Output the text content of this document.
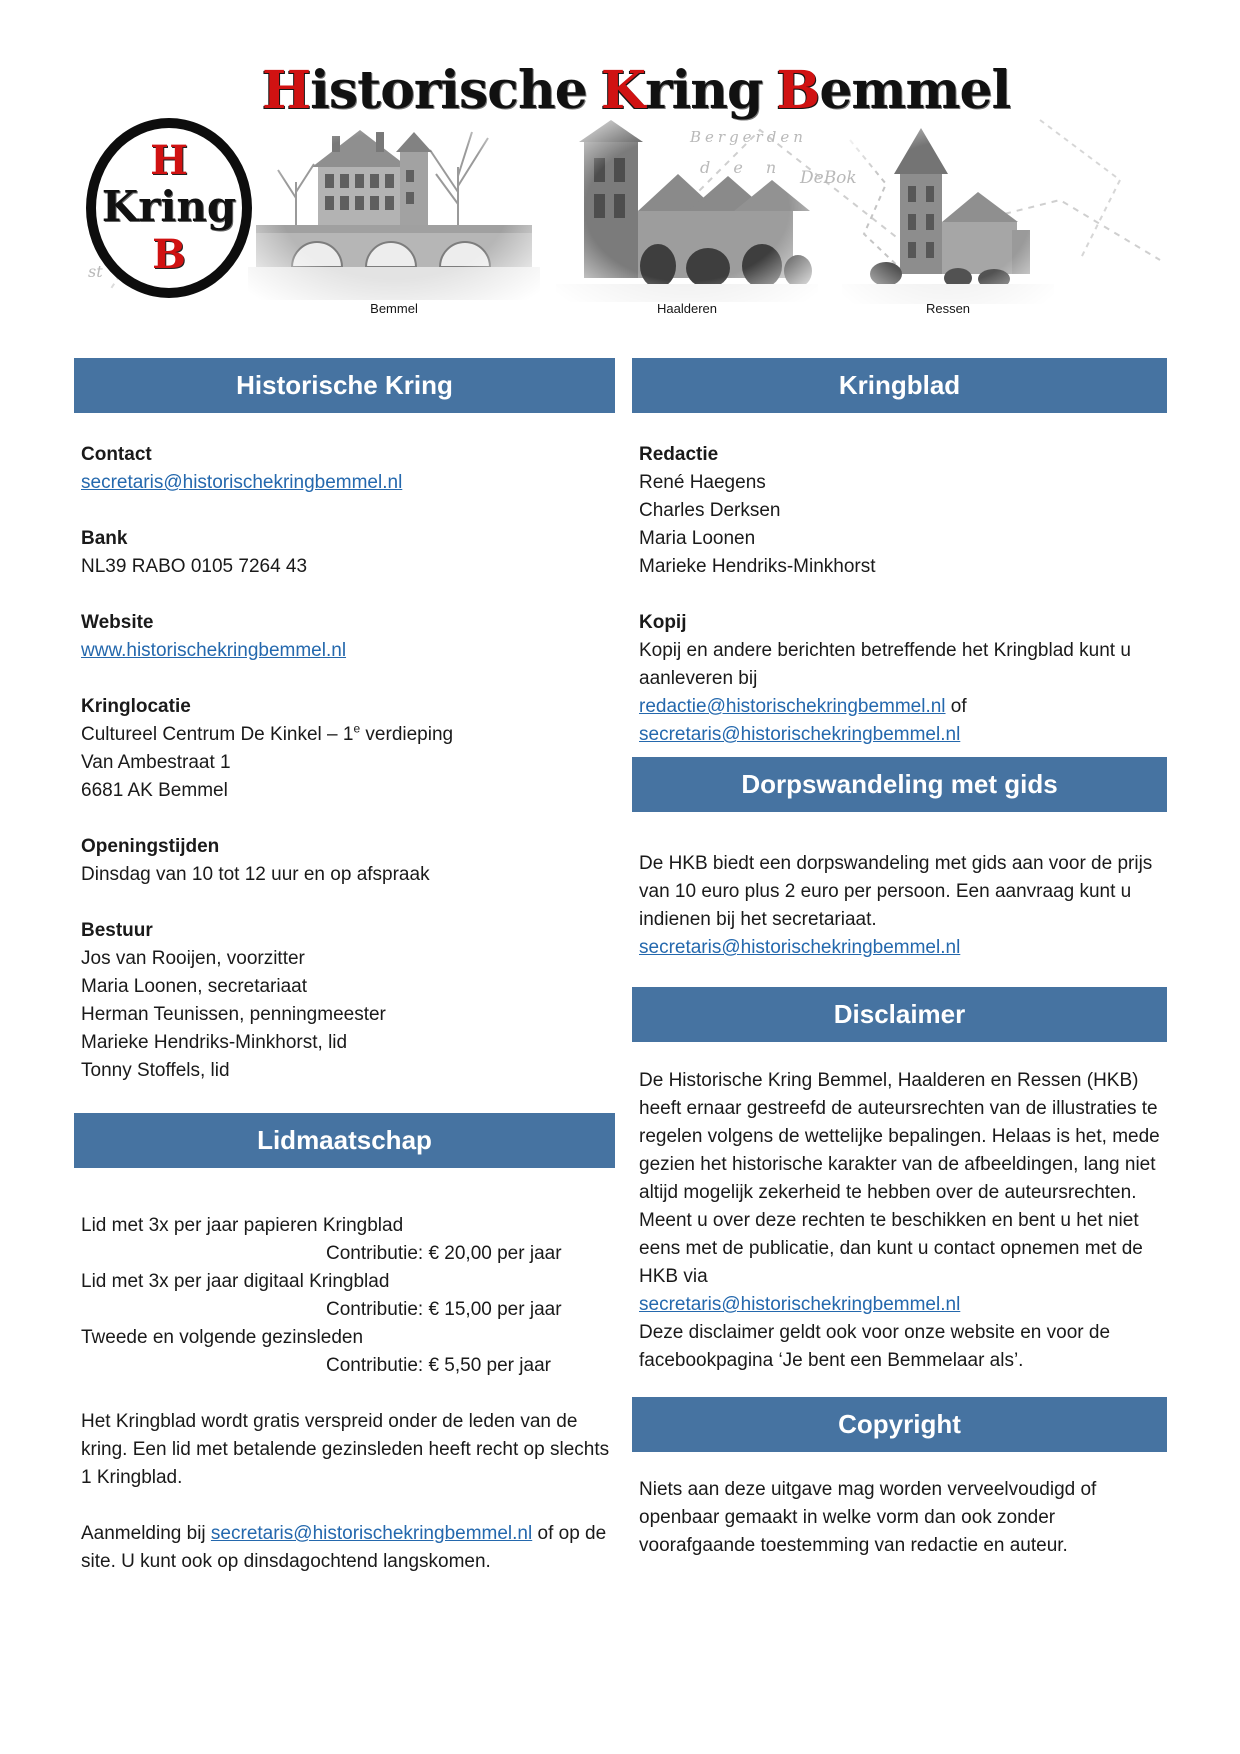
Bergerden
d e n
DeBok
st
H
Kring
B
Historische Kring Bemmel
Bemmel	Haalderen	Ressen
Historische Kring
Contact
secretaris@historischekringbemmel.nl
Bank
NL39 RABO 0105 7264 43
Website
www.historischekringbemmel.nl
Kringlocatie
Cultureel Centrum De Kinkel – 1e verdieping
Van Ambestraat 1
6681 AK Bemmel
Openingstijden
Dinsdag van 10 tot 12 uur en op afspraak
Bestuur
Jos van Rooijen, voorzitter
Maria Loonen, secretariaat
Herman Teunissen, penningmeester
Marieke Hendriks-Minkhorst, lid
Tonny Stoffels, lid
Lidmaatschap
Lid met 3x per jaar papieren Kringblad
Contributie: € 20,00 per jaar
Lid met 3x per jaar digitaal Kringblad
Contributie: € 15,00 per jaar
Tweede en volgende gezinsleden
Contributie: € 5,50 per jaar
Het Kringblad wordt gratis verspreid onder de leden van de kring. Een lid met betalende gezinsleden heeft recht op slechts 1 Kringblad.
Aanmelding bij secretaris@historischekringbemmel.nl of op de site. U kunt ook op dinsdagochtend langskomen.
Kringblad
Redactie
René Haegens
Charles Derksen
Maria Loonen
Marieke Hendriks-Minkhorst
Kopij
Kopij en andere berichten betreffende het Kringblad kunt u aanleveren bij
redactie@historischekringbemmel.nl of
secretaris@historischekringbemmel.nl
Dorpswandeling met gids
De HKB biedt een dorpswandeling met gids aan voor de prijs van 10 euro plus 2 euro per persoon. Een aanvraag kunt u indienen bij het secretariaat.
secretaris@historischekringbemmel.nl
Disclaimer
De Historische Kring Bemmel, Haalderen en Ressen (HKB) heeft ernaar gestreefd de auteursrechten van de illustraties te regelen volgens de wettelijke bepalingen. Helaas is het, mede gezien het historische karakter van de afbeeldingen, lang niet altijd mogelijk zekerheid te hebben over de auteursrechten. Meent u over deze rechten te beschikken en bent u het niet eens met de publicatie, dan kunt u contact opnemen met de HKB via
secretaris@historischekringbemmel.nl
Deze disclaimer geldt ook voor onze website en voor de facebookpagina ‘Je bent een Bemmelaar als’.
Copyright
Niets aan deze uitgave mag worden verveelvoudigd of openbaar gemaakt in welke vorm dan ook zonder voorafgaande toestemming van redactie en auteur.
